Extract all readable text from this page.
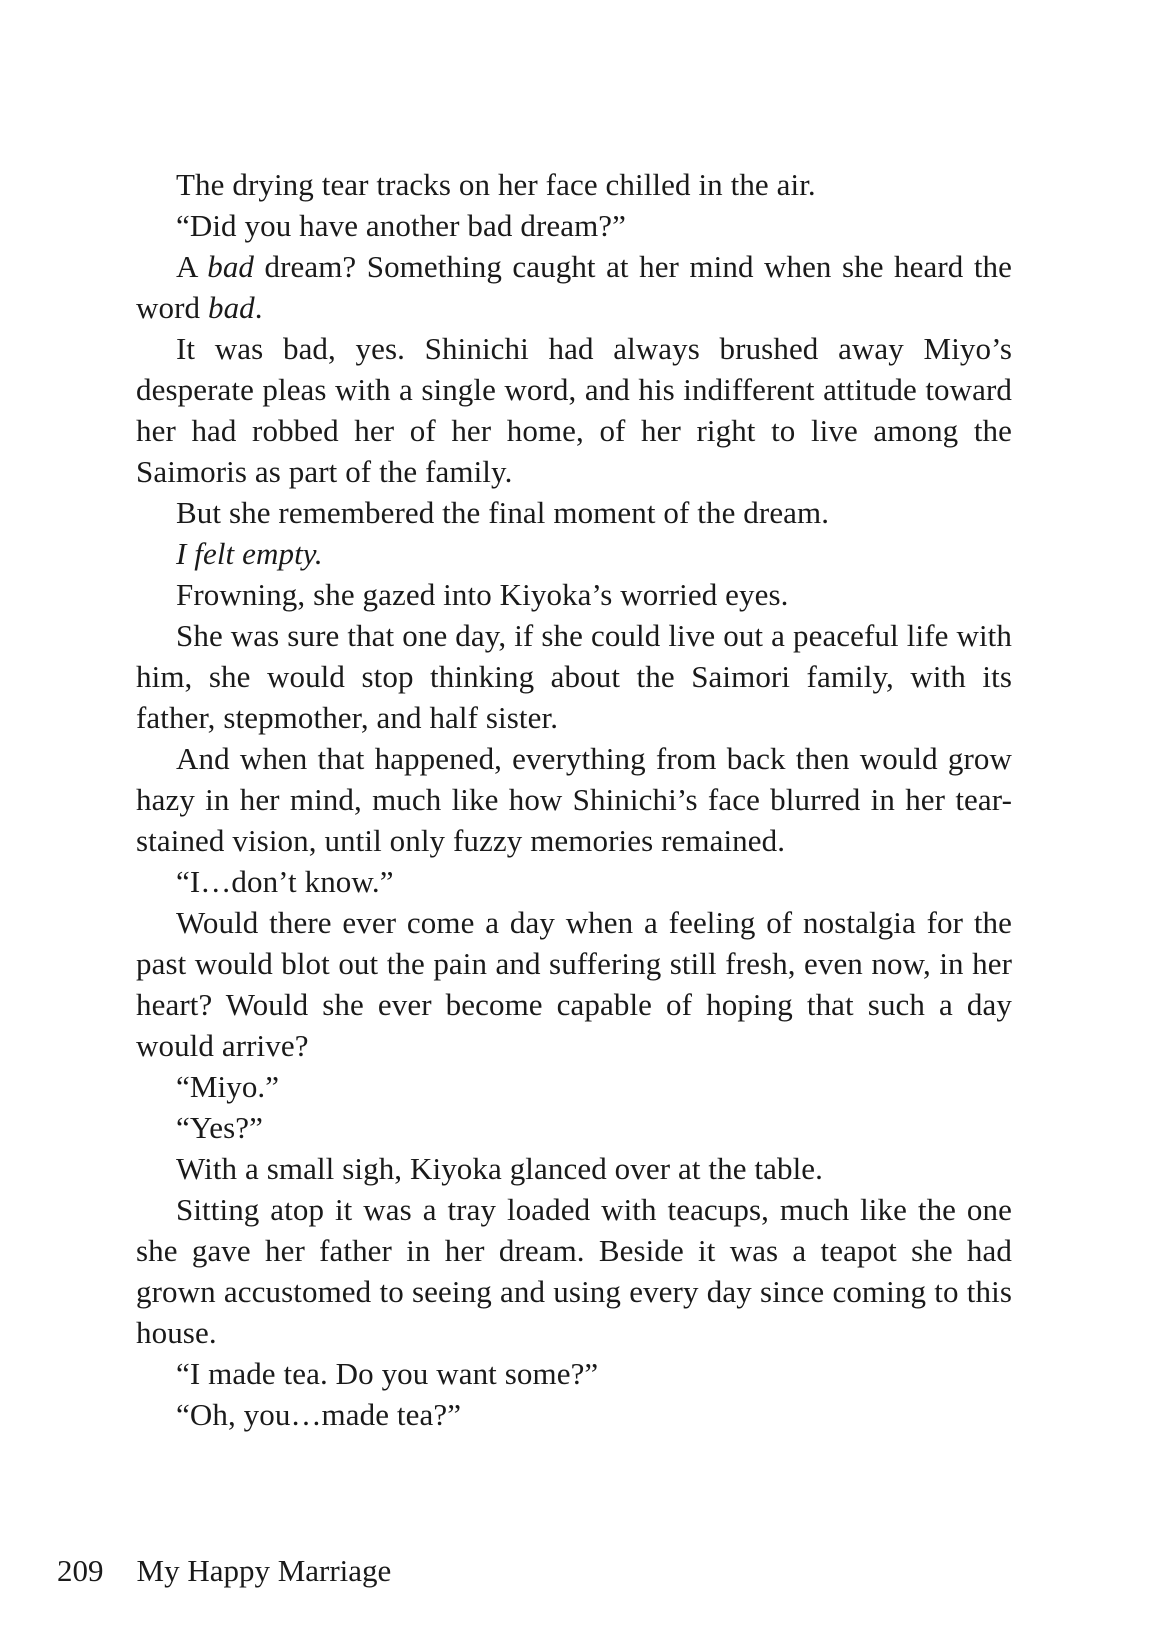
The drying tear tracks on her face chilled in the air.

“Did you have another bad dream?”

A bad dream? Something caught at her mind when she heard the word bad.

It was bad, yes. Shinichi had always brushed away Miyo’s desperate pleas with a single word, and his indifferent attitude toward her had robbed her of her home, of her right to live among the Saimoris as part of the family.

But she remembered the final moment of the dream.

I felt empty.

Frowning, she gazed into Kiyoka’s worried eyes.

She was sure that one day, if she could live out a peaceful life with him, she would stop thinking about the Saimori family, with its father, stepmother, and half sister.

And when that happened, everything from back then would grow hazy in her mind, much like how Shinichi’s face blurred in her tear-stained vision, until only fuzzy memories remained.

“I…don’t know.”

Would there ever come a day when a feeling of nostalgia for the past would blot out the pain and suffering still fresh, even now, in her heart? Would she ever become capable of hoping that such a day would arrive?

“Miyo.”

“Yes?”

With a small sigh, Kiyoka glanced over at the table.

Sitting atop it was a tray loaded with teacups, much like the one she gave her father in her dream. Beside it was a teapot she had grown accustomed to seeing and using every day since coming to this house.

“I made tea. Do you want some?”

“Oh, you…made tea?”

209 My Happy Marriage
